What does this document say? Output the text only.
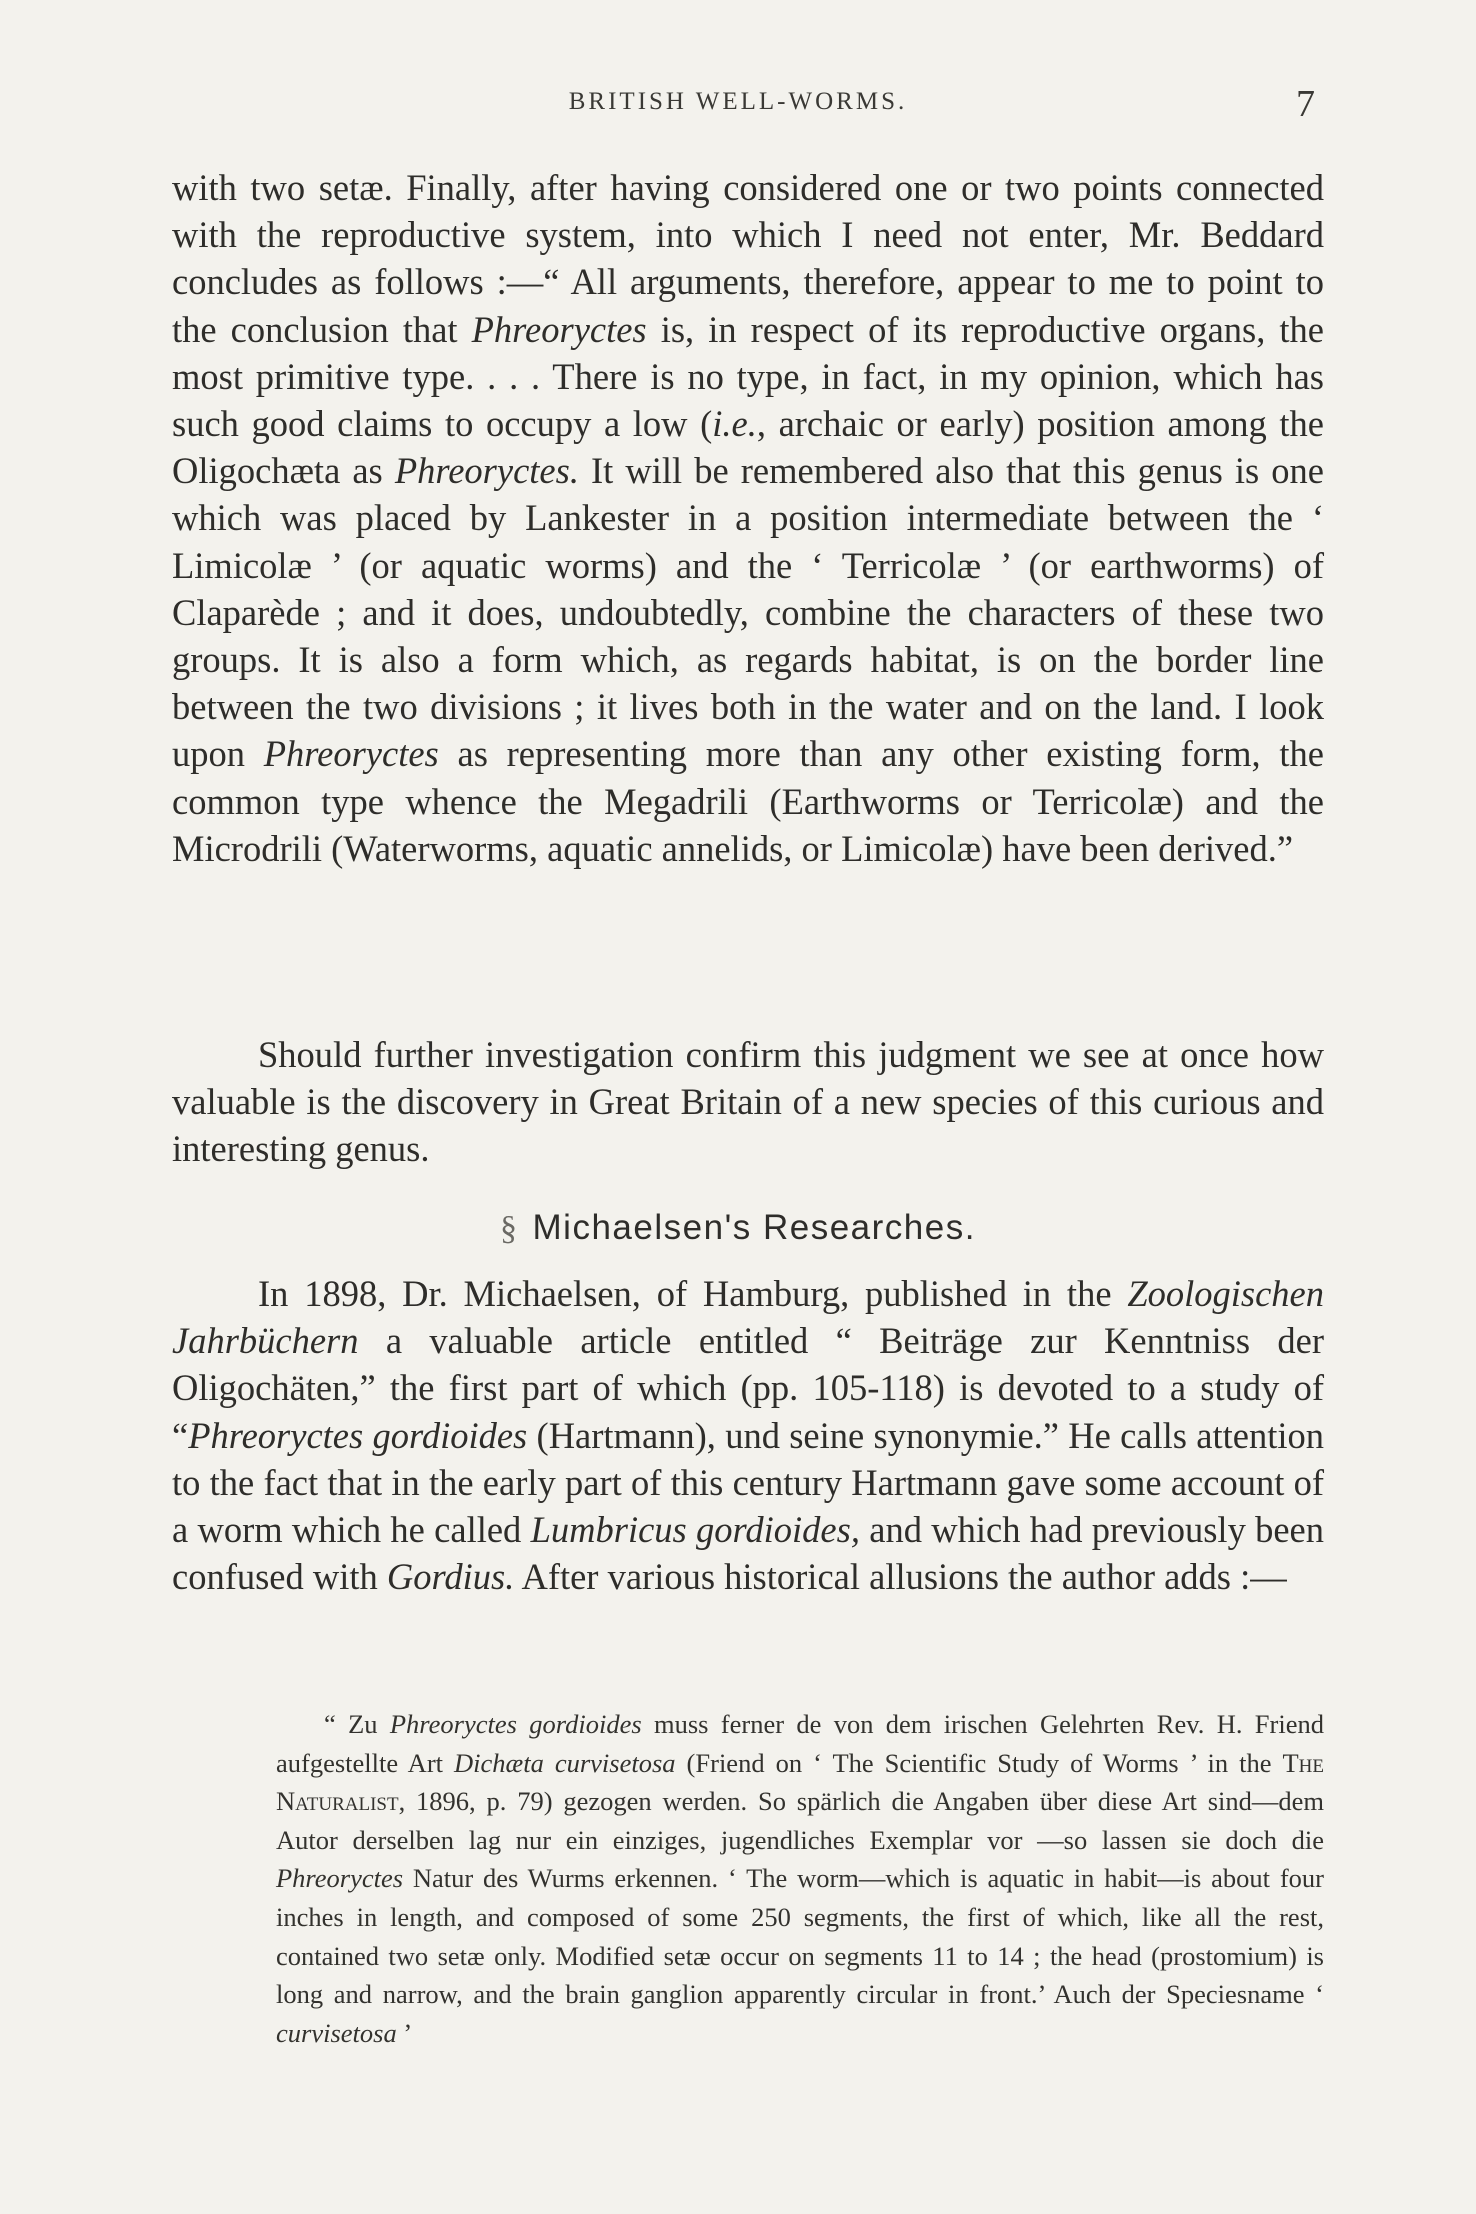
BRITISH WELL-WORMS.	7

with two setæ. Finally, after having considered one or two points connected with the reproductive system, into which I need not enter, Mr. Beddard concludes as follows :—“ All arguments, therefore, appear to me to point to the conclusion that Phreoryctes is, in respect of its reproductive organs, the most primitive type. . . . There is no type, in fact, in my opinion, which has such good claims to occupy a low (i.e., archaic or early) position among the Oligochæta as Phreoryctes. It will be remembered also that this genus is one which was placed by Lankester in a position intermediate between the ‘ Limicolæ ’ (or aquatic worms) and the ‘ Terricolæ ’ (or earthworms) of Claparède ; and it does, undoubtedly, combine the characters of these two groups. It is also a form which, as regards habitat, is on the border line between the two divisions ; it lives both in the water and on the land. I look upon Phreoryctes as representing more than any other existing form, the common type whence the Megadrili (Earthworms or Terricolæ) and the Microdrili (Waterworms, aquatic annelids, or Limicolæ) have been derived.”

Should further investigation confirm this judgment we see at once how valuable is the discovery in Great Britain of a new species of this curious and interesting genus.

§ Michaelsen's Researches.

In 1898, Dr. Michaelsen, of Hamburg, published in the Zoologischen Jahrbüchern a valuable article entitled “ Beiträge zur Kenntniss der Oligochäten,” the first part of which (pp. 105-118) is devoted to a study of “Phreoryctes gordioides (Hartmann), und seine synonymie.” He calls attention to the fact that in the early part of this century Hartmann gave some account of a worm which he called Lumbricus gordioides, and which had previously been confused with Gordius. After various historical allusions the author adds :—

“ Zu Phreoryctes gordioides muss ferner de von dem irischen Gelehrten Rev. H. Friend aufgestellte Art Dichæta curvisetosa (Friend on ‘ The Scientific Study of Worms ’ in the The Naturalist, 1896, p. 79) gezogen werden. So spärlich die Angaben über diese Art sind—dem Autor derselben lag nur ein einziges, jugendliches Exemplar vor —so lassen sie doch die Phreoryctes Natur des Wurms erkennen. ‘ The worm—which is aquatic in habit—is about four inches in length, and composed of some 250 segments, the first of which, like all the rest, contained two setæ only. Modified setæ occur on segments 11 to 14 ; the head (prostomium) is long and narrow, and the brain ganglion apparently circular in front.’ Auch der Speciesname ‘ curvisetosa ’
